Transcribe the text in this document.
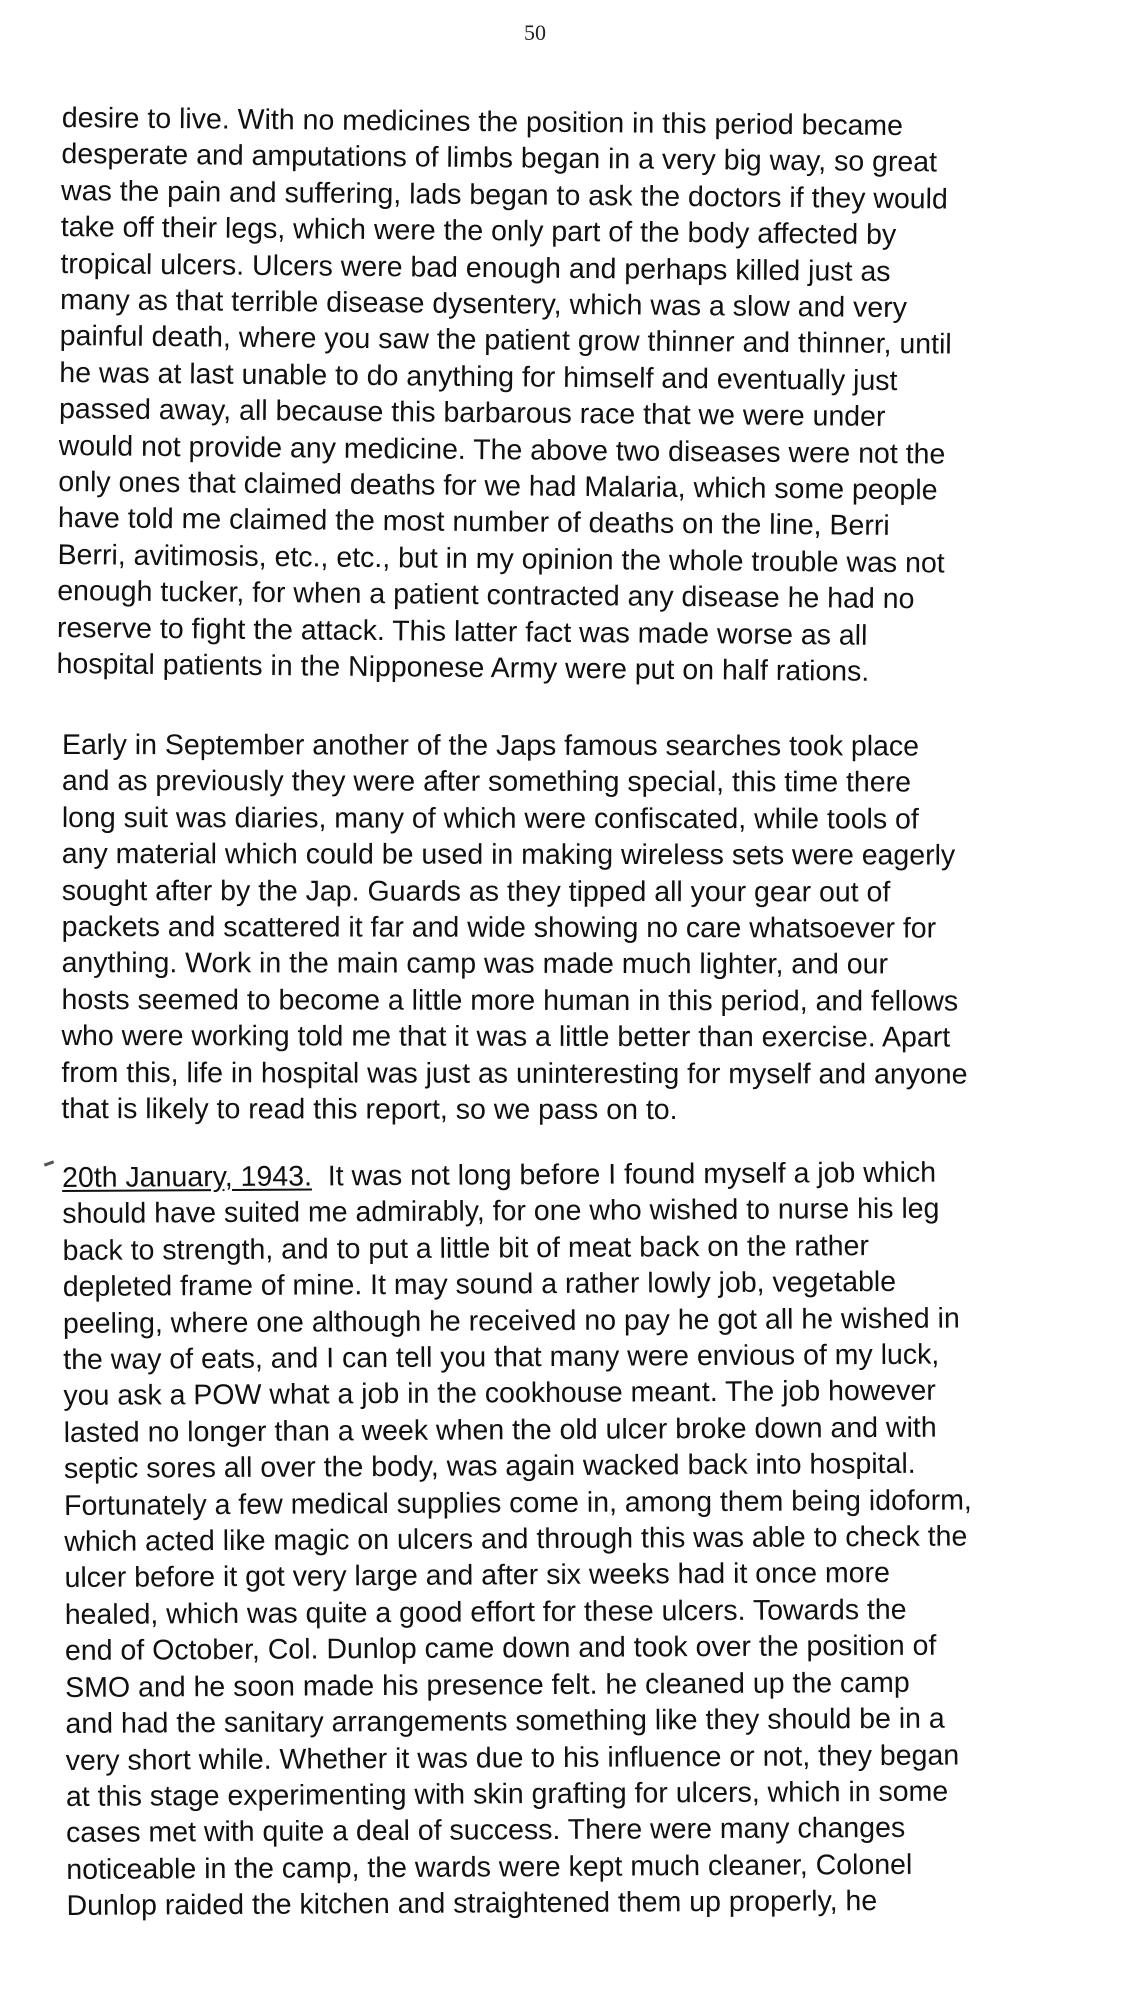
50
desire to live. With no medicines the position in this period became
desperate and amputations of limbs began in a very big way, so great
was the pain and suffering, lads began to ask the doctors if they would
take off their legs, which were the only part of the body affected by
tropical ulcers. Ulcers were bad enough and perhaps killed just as
many as that terrible disease dysentery, which was a slow and very
painful death, where you saw the patient grow thinner and thinner, until
he was at last unable to do anything for himself and eventually just
passed away, all because this barbarous race that we were under
would not provide any medicine. The above two diseases were not the
only ones that claimed deaths for we had Malaria, which some people
have told me claimed the most number of deaths on the line, Berri
Berri, avitimosis, etc., etc., but in my opinion the whole trouble was not
enough tucker, for when a patient contracted any disease he had no
reserve to fight the attack. This latter fact was made worse as all
hospital patients in the Nipponese Army were put on half rations.
Early in September another of the Japs famous searches took place
and as previously they were after something special, this time there
long suit was diaries, many of which were confiscated, while tools of
any material which could be used in making wireless sets were eagerly
sought after by the Jap. Guards as they tipped all your gear out of
packets and scattered it far and wide showing no care whatsoever for
anything. Work in the main camp was made much lighter, and our
hosts seemed to become a little more human in this period, and fellows
who were working told me that it was a little better than exercise. Apart
from this, life in hospital was just as uninteresting for myself and anyone
that is likely to read this report, so we pass on to.
20th January, 1943.  It was not long before I found myself a job which
should have suited me admirably, for one who wished to nurse his leg
back to strength, and to put a little bit of meat back on the rather
depleted frame of mine. It may sound a rather lowly job, vegetable
peeling, where one although he received no pay he got all he wished in
the way of eats, and I can tell you that many were envious of my luck,
you ask a POW what a job in the cookhouse meant. The job however
lasted no longer than a week when the old ulcer broke down and with
septic sores all over the body, was again wacked back into hospital.
Fortunately a few medical supplies come in, among them being idoform,
which acted like magic on ulcers and through this was able to check the
ulcer before it got very large and after six weeks had it once more
healed, which was quite a good effort for these ulcers. Towards the
end of October, Col. Dunlop came down and took over the position of
SMO and he soon made his presence felt. he cleaned up the camp
and had the sanitary arrangements something like they should be in a
very short while. Whether it was due to his influence or not, they began
at this stage experimenting with skin grafting for ulcers, which in some
cases met with quite a deal of success. There were many changes
noticeable in the camp, the wards were kept much cleaner, Colonel
Dunlop raided the kitchen and straightened them up properly, he
